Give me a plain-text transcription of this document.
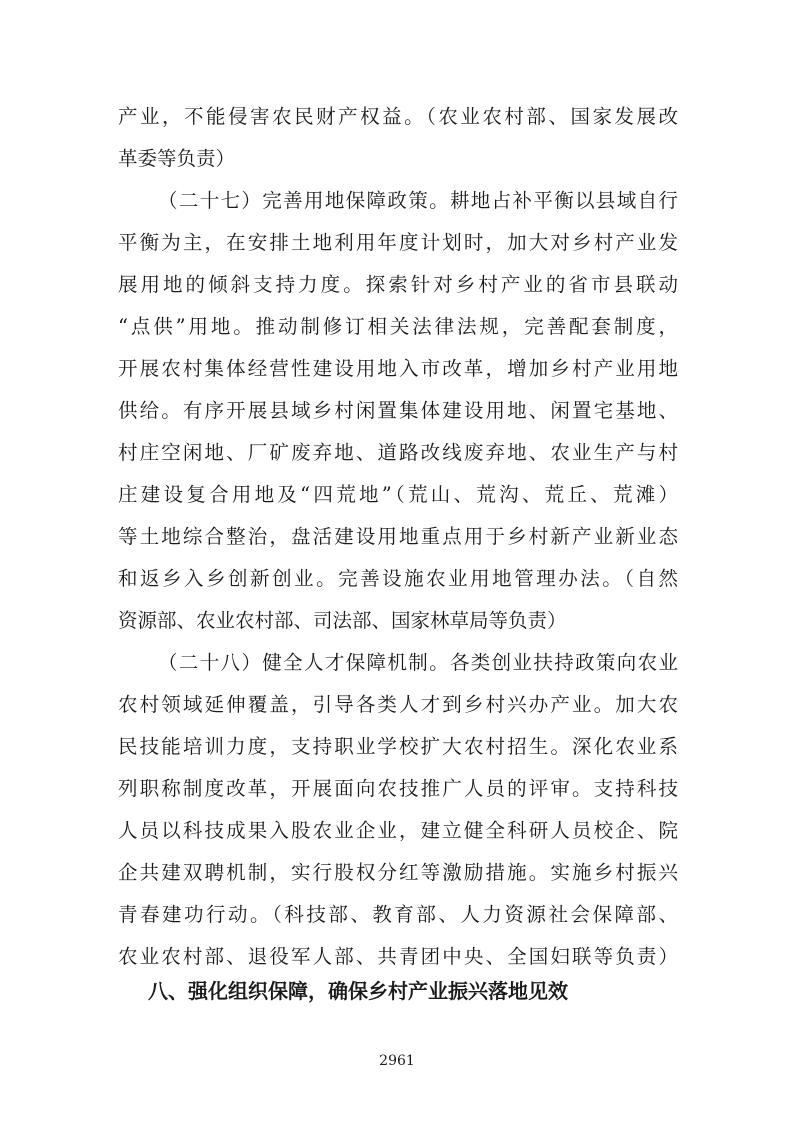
产业，不能侵害农民财产权益。（农业农村部、国家发展改
革委等负责）
（二十七）完善用地保障政策。耕地占补平衡以县域自行
平衡为主，在安排土地利用年度计划时，加大对乡村产业发
展用地的倾斜支持力度。探索针对乡村产业的省市县联动
“点供”用地。推动制修订相关法律法规，完善配套制度，
开展农村集体经营性建设用地入市改革，增加乡村产业用地
供给。有序开展县域乡村闲置集体建设用地、闲置宅基地、
村庄空闲地、厂矿废弃地、道路改线废弃地、农业生产与村
庄建设复合用地及“四荒地”（荒山、荒沟、荒丘、荒滩）
等土地综合整治，盘活建设用地重点用于乡村新产业新业态
和返乡入乡创新创业。完善设施农业用地管理办法。（自然
资源部、农业农村部、司法部、国家林草局等负责）
（二十八）健全人才保障机制。各类创业扶持政策向农业
农村领域延伸覆盖，引导各类人才到乡村兴办产业。加大农
民技能培训力度，支持职业学校扩大农村招生。深化农业系
列职称制度改革，开展面向农技推广人员的评审。支持科技
人员以科技成果入股农业企业，建立健全科研人员校企、院
企共建双聘机制，实行股权分红等激励措施。实施乡村振兴
青春建功行动。（科技部、教育部、人力资源社会保障部、
农业农村部、退役军人部、共青团中央、全国妇联等负责）
八、强化组织保障，确保乡村产业振兴落地见效
2961
